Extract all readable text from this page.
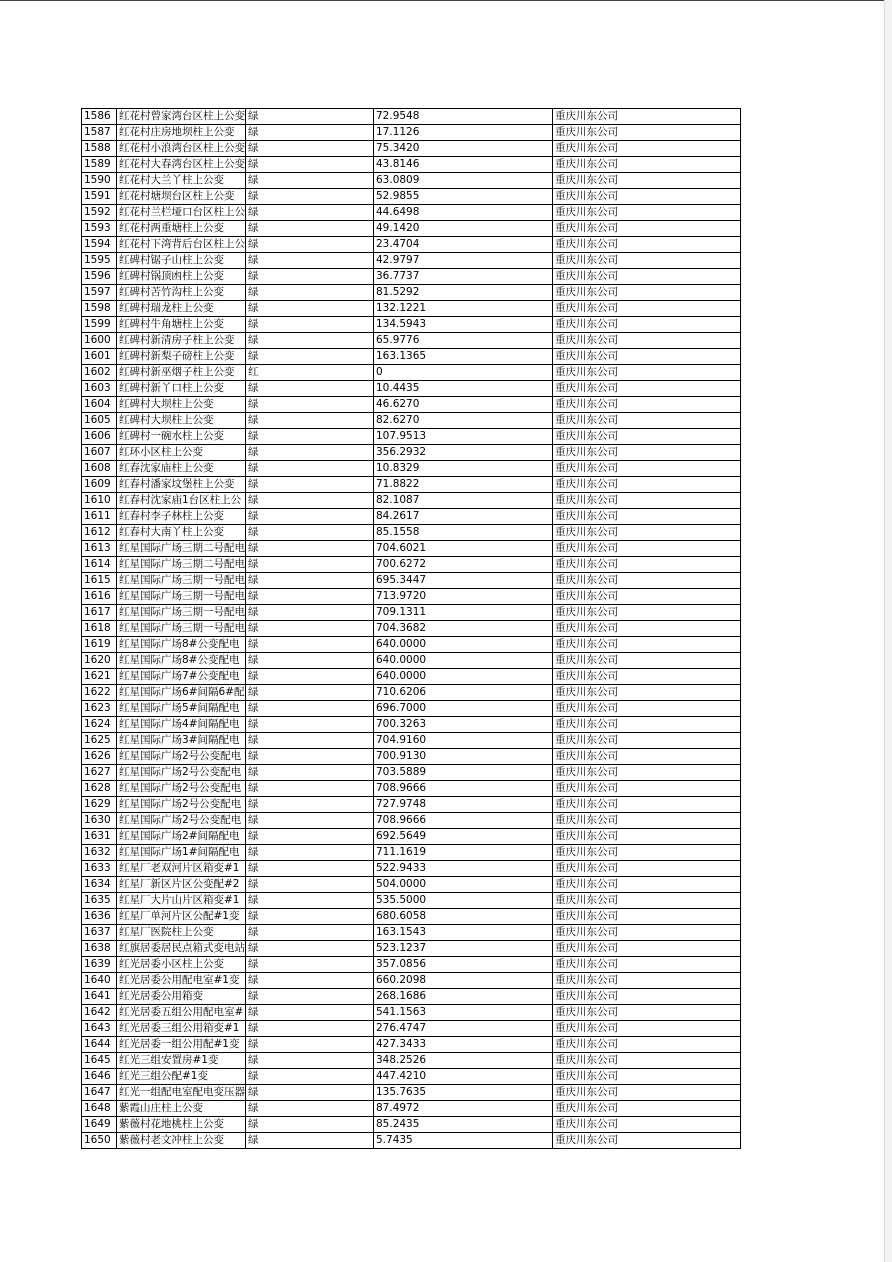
1586	红花村曾家湾台区柱上公变	绿	72.9548	重庆川东公司
1587	红花村庄房地坝柱上公变	绿	17.1126	重庆川东公司
1588	红花村小浪湾台区柱上公变	绿	75.3420	重庆川东公司
1589	红花村大春湾台区柱上公变	绿	43.8146	重庆川东公司
1590	红花村大兰丫柱上公变	绿	63.0809	重庆川东公司
1591	红花村塘坝台区柱上公变	绿	52.9855	重庆川东公司
1592	红花村兰栏垭口台区柱上公	绿	44.6498	重庆川东公司
1593	红花村两重塘柱上公变	绿	49.1420	重庆川东公司
1594	红花村下湾背后台区柱上公	绿	23.4704	重庆川东公司
1595	红碑村锯子山柱上公变	绿	42.9797	重庆川东公司
1596	红碑村锅顶凼柱上公变	绿	36.7737	重庆川东公司
1597	红碑村苦竹沟柱上公变	绿	81.5292	重庆川东公司
1598	红碑村瑞龙柱上公变	绿	132.1221	重庆川东公司
1599	红碑村牛角塘柱上公变	绿	134.5943	重庆川东公司
1600	红碑村新清房子柱上公变	绿	65.9776	重庆川东公司
1601	红碑村新梨子磅柱上公变	绿	163.1365	重庆川东公司
1602	红碑村新巫烟子柱上公变	红	0	重庆川东公司
1603	红碑村新丫口柱上公变	绿	10.4435	重庆川东公司
1604	红碑村大坝柱上公变	绿	46.6270	重庆川东公司
1605	红碑村大坝柱上公变	绿	82.6270	重庆川东公司
1606	红碑村一碗水柱上公变	绿	107.9513	重庆川东公司
1607	红环小区柱上公变	绿	356.2932	重庆川东公司
1608	红春沈家庙柱上公变	绿	10.8329	重庆川东公司
1609	红春村潘家坟堡柱上公变	绿	71.8822	重庆川东公司
1610	红春村沈家庙1台区柱上公	绿	82.1087	重庆川东公司
1611	红春村李子林柱上公变	绿	84.2617	重庆川东公司
1612	红春村大南丫柱上公变	绿	85.1558	重庆川东公司
1613	红星国际广场三期二号配电	绿	704.6021	重庆川东公司
1614	红星国际广场三期二号配电	绿	700.6272	重庆川东公司
1615	红星国际广场三期一号配电	绿	695.3447	重庆川东公司
1616	红星国际广场三期一号配电	绿	713.9720	重庆川东公司
1617	红星国际广场三期一号配电	绿	709.1311	重庆川东公司
1618	红星国际广场三期一号配电	绿	704.3682	重庆川东公司
1619	红星国际广场8#公变配电	绿	640.0000	重庆川东公司
1620	红星国际广场8#公变配电	绿	640.0000	重庆川东公司
1621	红星国际广场7#公变配电	绿	640.0000	重庆川东公司
1622	红星国际广场6#间隔6#配	绿	710.6206	重庆川东公司
1623	红星国际广场5#间隔配电	绿	696.7000	重庆川东公司
1624	红星国际广场4#间隔配电	绿	700.3263	重庆川东公司
1625	红星国际广场3#间隔配电	绿	704.9160	重庆川东公司
1626	红星国际广场2号公变配电	绿	700.9130	重庆川东公司
1627	红星国际广场2号公变配电	绿	703.5889	重庆川东公司
1628	红星国际广场2号公变配电	绿	708.9666	重庆川东公司
1629	红星国际广场2号公变配电	绿	727.9748	重庆川东公司
1630	红星国际广场2号公变配电	绿	708.9666	重庆川东公司
1631	红星国际广场2#间隔配电	绿	692.5649	重庆川东公司
1632	红星国际广场1#间隔配电	绿	711.1619	重庆川东公司
1633	红星厂老双河片区箱变#1	绿	522.9433	重庆川东公司
1634	红星厂新区片区公变配#2	绿	504.0000	重庆川东公司
1635	红星厂大片山片区箱变#1	绿	535.5000	重庆川东公司
1636	红星厂单河片区公配#1变	绿	680.6058	重庆川东公司
1637	红星厂医院柱上公变	绿	163.1543	重庆川东公司
1638	红旗居委居民点箱式变电站	绿	523.1237	重庆川东公司
1639	红光居委小区柱上公变	绿	357.0856	重庆川东公司
1640	红光居委公用配电室#1变	绿	660.2098	重庆川东公司
1641	红光居委公用箱变	绿	268.1686	重庆川东公司
1642	红光居委五组公用配电室#	绿	541.1563	重庆川东公司
1643	红光居委三组公用箱变#1	绿	276.4747	重庆川东公司
1644	红光居委一组公用配#1变	绿	427.3433	重庆川东公司
1645	红光三组安置房#1变	绿	348.2526	重庆川东公司
1646	红光三组公配#1变	绿	447.4210	重庆川东公司
1647	红光一组配电室配电变压器	绿	135.7635	重庆川东公司
1648	紫霞山庄柱上公变	绿	87.4972	重庆川东公司
1649	紫薇村花地桃柱上公变	绿	85.2435	重庆川东公司
1650	紫薇村老文冲柱上公变	绿	5.7435	重庆川东公司
